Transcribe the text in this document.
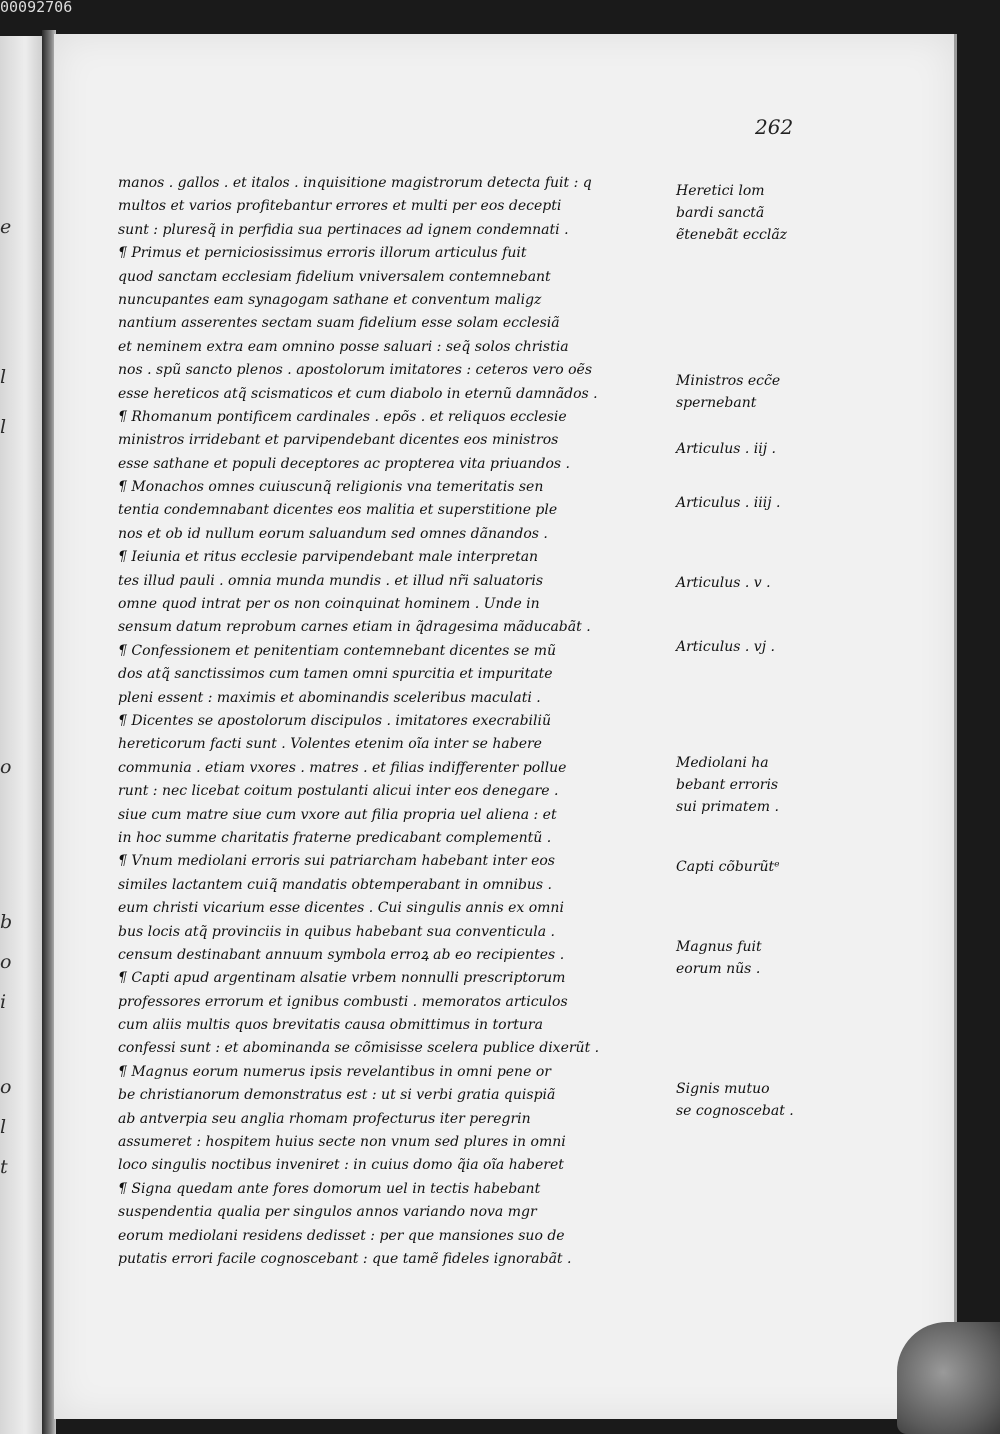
00092706
e
l
l
o
b
o
i
o
l
t
262
manos . gallos . et italos . inquisitione magistrorum detecta fuit : q
multos et varios profitebantur errores et multi per eos decepti
sunt : pluresq̃ in perfidia sua pertinaces ad ignem condemnati .
¶ Primus et perniciosissimus erroris illorum articulus fuit
quod sanctam ecclesiam fidelium vniversalem contemnebant
nuncupantes eam synagogam sathane et conventum maligz
nantium asserentes sectam suam fidelium esse solam ecclesiã
et neminem extra eam omnino posse saluari : seq̃ solos christia
nos . spũ sancto plenos . apostolorum imitatores : ceteros vero oẽs
esse hereticos atq̃ scismaticos et cum diabolo in eternũ damnãdos .
¶ Rhomanum pontificem cardinales . epõs . et reliquos ecclesie
ministros irridebant et parvipendebant dicentes eos ministros
esse sathane et populi deceptores ac propterea vita priuandos .
¶ Monachos omnes cuiuscunq̃ religionis vna temeritatis sen
tentia condemnabant dicentes eos malitia et superstitione ple
nos et ob id nullum eorum saluandum sed omnes dãnandos .
¶ Ieiunia et ritus ecclesie parvipendebant male interpretan
tes illud pauli . omnia munda mundis . et illud nr̃i saluatoris
omne quod intrat per os non coinquinat hominem . Unde in
sensum datum reprobum carnes etiam in q̃dragesima mãducabãt .
¶ Confessionem et penitentiam contemnebant dicentes se mũ
dos atq̃ sanctissimos cum tamen omni spurcitia et impuritate
pleni essent : maximis et abominandis sceleribus maculati .
¶ Dicentes se apostolorum discipulos . imitatores execrabiliũ
hereticorum facti sunt . Volentes etenim oĩa inter se habere
communia . etiam vxores . matres . et filias indifferenter pollue
runt : nec licebat coitum postulanti alicui inter eos denegare .
siue cum matre siue cum vxore aut filia propria uel aliena : et
in hoc summe charitatis fraterne predicabant complementũ .
¶ Vnum mediolani erroris sui patriarcham habebant inter eos
similes lactantem cuiq̃ mandatis obtemperabant in omnibus .
eum christi vicarium esse dicentes . Cui singulis annis ex omni
bus locis atq̃ provinciis in quibus habebant sua conventicula .
censum destinabant annuum symbola erroꝝ ab eo recipientes .
¶ Capti apud argentinam alsatie vrbem nonnulli prescriptorum
professores errorum et ignibus combusti . memoratos articulos
cum aliis multis quos brevitatis causa obmittimus in tortura
confessi sunt : et abominanda se cõmisisse scelera publice dixerũt .
¶ Magnus eorum numerus ipsis revelantibus in omni pene or
be christianorum demonstratus est : ut si verbi gratia quispiã
ab antverpia seu anglia rhomam profecturus iter peregrin
assumeret : hospitem huius secte non vnum sed plures in omni
loco singulis noctibus inveniret : in cuius domo q̃ia oĩa haberet
¶ Signa quedam ante fores domorum uel in tectis habebant
suspendentia qualia per singulos annos variando nova mgr
eorum mediolani residens dedisset : per que mansiones suo de
putatis errori facile cognoscebant : que tamẽ fideles ignorabãt .
Heretici lom
bardi sanctã
ẽtenebãt ecclãz
Ministros ecc̃e
spernebant
Articulus . iij .
Articulus . iiij .
Articulus . v .
Articulus . vj .
Mediolani ha
bebant erroris
sui primatem .
Capti cõburũtᵉ
Magnus fuit
eorum nũs .
Signis mutuo
se cognoscebat .
